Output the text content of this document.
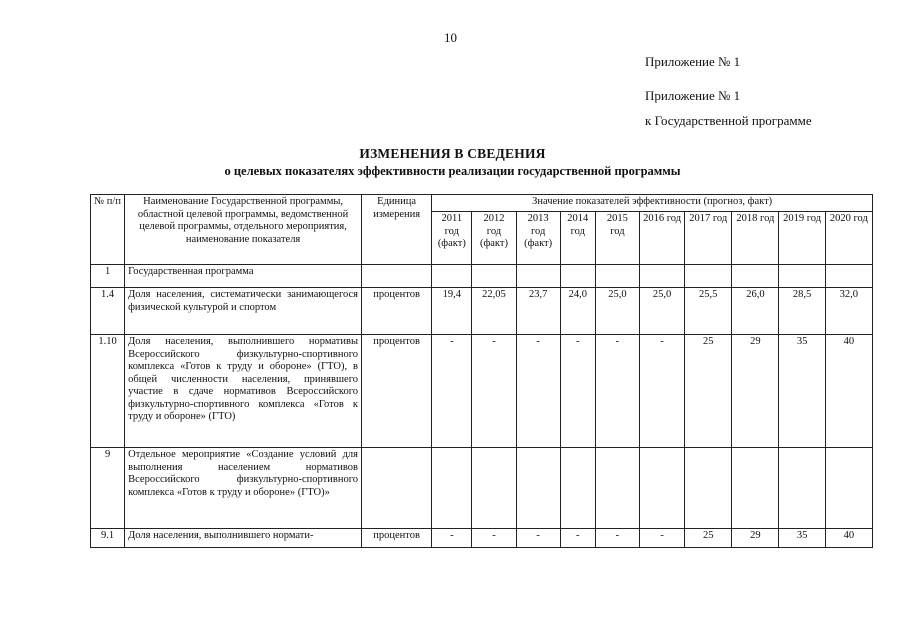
10
Приложение № 1
Приложение № 1
к Государственной программе
ИЗМЕНЕНИЯ В СВЕДЕНИЯ
о целевых показателях эффективности реализации государственной программы
№ п/п	Наименование Государственной программы, областной целевой программы, ведомственной целевой программы, отдельного мероприятия, наименование показателя	Единица измерения	Значение показателей эффективности (прогноз, факт)									
			2011 год (факт)	2012 год (факт)	2013 год (факт)	2014 год	2015 год	2016 год	2017 год	2018 год	2019 год	2020 год
1	Государственная программа											
1.4	Доля населения, систематически занимающегося физической культурой и спортом	процентов	19,4	22,05	23,7	24,0	25,0	25,0	25,5	26,0	28,5	32,0
1.10	Доля населения, выполнившего нормативы Всероссийского физкультурно-спортивного комплекса «Готов к труду и обороне» (ГТО), в общей численности населения, принявшего участие в сдаче нормативов Всероссийского физкультурно-спортивного комплекса «Готов к труду и обороне» (ГТО)	процентов	-	-	-	-	-	-	25	29	35	40
9	Отдельное мероприятие «Создание условий для выполнения населением нормативов Всероссийского физкультурно-спортивного комплекса «Готов к труду и обороне» (ГТО)»											
9.1	Доля населения, выполнившего нормати-	процентов	-	-	-	-	-	-	25	29	35	40
